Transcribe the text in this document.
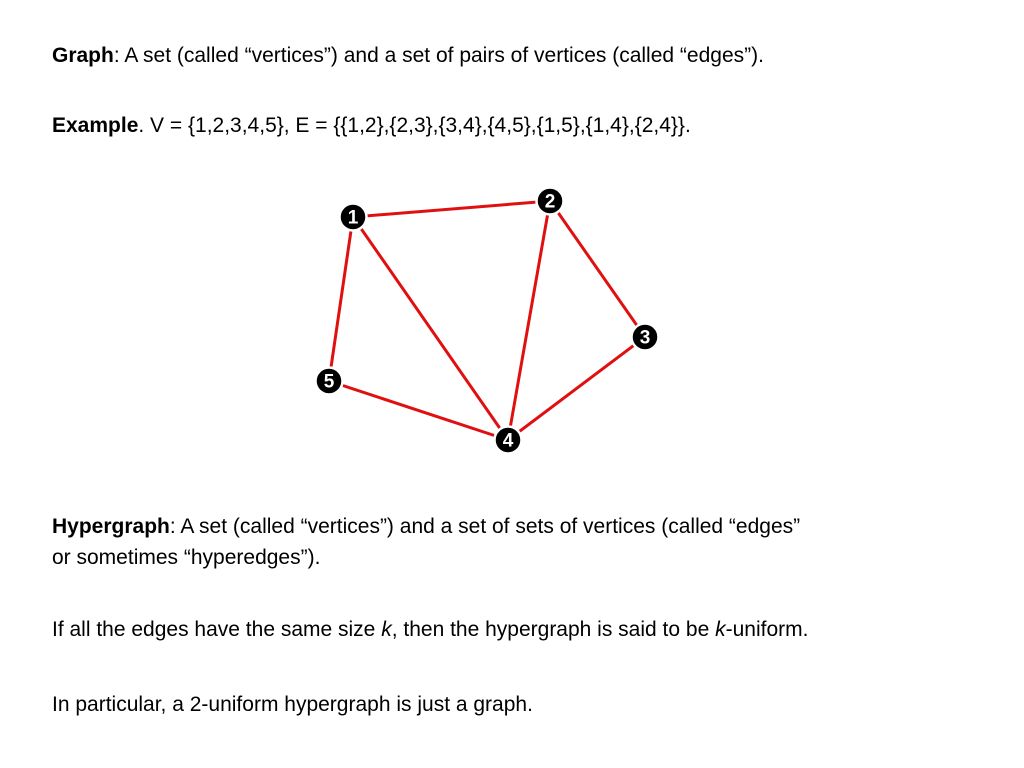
Graph: A set (called “vertices”) and a set of pairs of vertices (called “edges”).
Example. V = {1,2,3,4,5}, E = {{1,2},{2,3},{3,4},{4,5},{1,5},{1,4},{2,4}}.
1
2
3
4
5
Hypergraph: A set (called “vertices”) and a set of sets of vertices (called “edges”
or sometimes “hyperedges”).
If all the edges have the same size k, then the hypergraph is said to be k-uniform.
In particular, a 2-uniform hypergraph is just a graph.
